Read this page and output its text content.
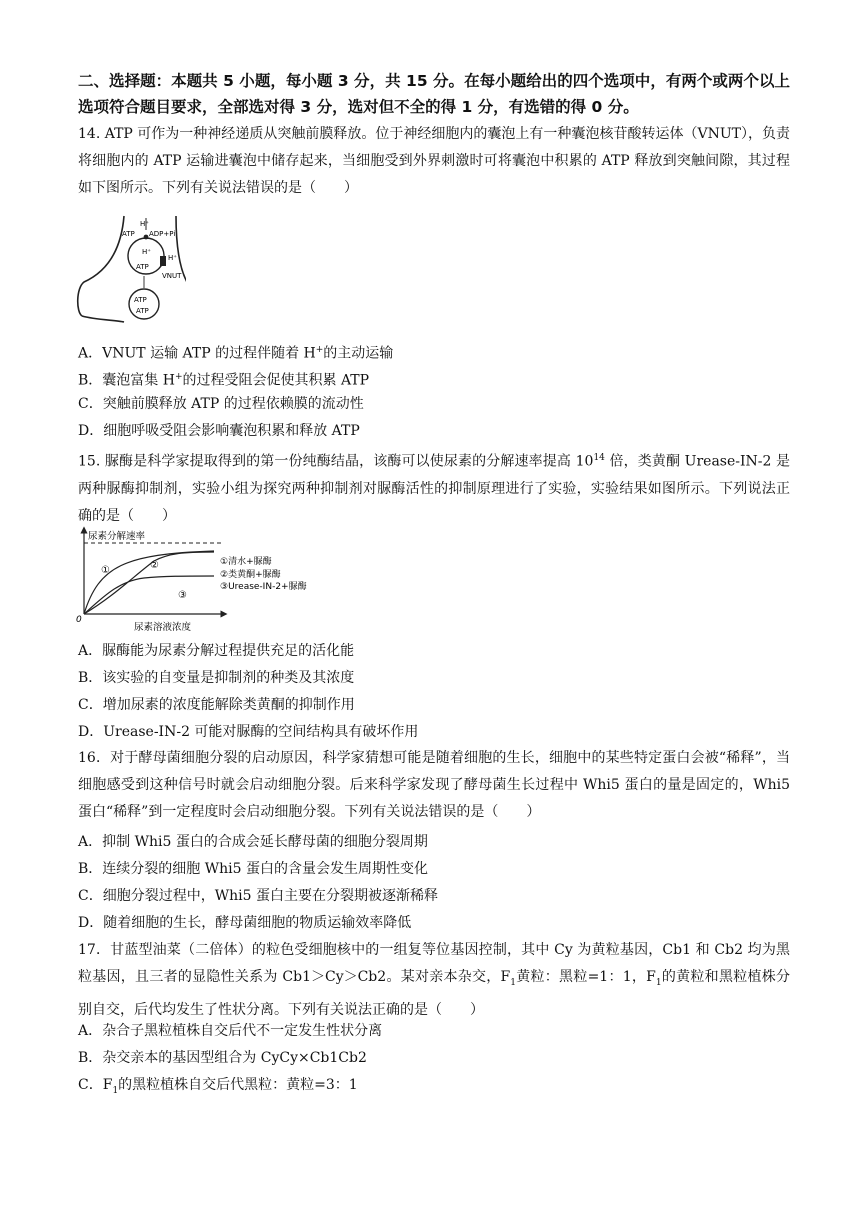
二、选择题：本题共 5 小题，每小题 3 分，共 15 分。在每小题给出的四个选项中，有两个或两个以上选项符合题目要求，全部选对得 3 分，选对但不全的得 1 分，有选错的得 0 分。
14. ATP 可作为一种神经递质从突触前膜释放。位于神经细胞内的囊泡上有一种囊泡核苷酸转运体（VNUT），负责将细胞内的 ATP 运输进囊泡中储存起来，当细胞受到外界刺激时可将囊泡中积累的 ATP 释放到突触间隙，其过程如下图所示。下列有关说法错误的是（　　）
H⁺
ATP ADP+Pi
H⁺
ATP
H⁺
VNUT
ATP
ATP
A．VNUT 运输 ATP 的过程伴随着 H+的主动运输
B．囊泡富集 H+的过程受阻会促使其积累 ATP
C．突触前膜释放 ATP 的过程依赖膜的流动性
D．细胞呼吸受阻会影响囊泡积累和释放 ATP
15. 脲酶是科学家提取得到的第一份纯酶结晶，该酶可以使尿素的分解速率提高 $10^{14}$ 倍，类黄酮 Urease-IN-2 是两种脲酶抑制剂，实验小组为探究两种抑制剂对脲酶活性的抑制原理进行了实验，实验结果如图所示。下列说法正确的是（　　）
尿素分解速率
尿素溶液浓度
0
①	②
③
①清水+脲酶
②类黄酮+脲酶
③Urease-IN-2+脲酶
A．脲酶能为尿素分解过程提供充足的活化能
B．该实验的自变量是抑制剂的种类及其浓度
C．增加尿素的浓度能解除类黄酮的抑制作用
D．Urease-IN-2 可能对脲酶的空间结构具有破坏作用
16．对于酵母菌细胞分裂的启动原因，科学家猜想可能是随着细胞的生长，细胞中的某些特定蛋白会被“稀释”，当细胞感受到这种信号时就会启动细胞分裂。后来科学家发现了酵母菌生长过程中 Whi5 蛋白的量是固定的，Whi5 蛋白“稀释”到一定程度时会启动细胞分裂。下列有关说法错误的是（　　）
A．抑制 Whi5 蛋白的合成会延长酵母菌的细胞分裂周期
B．连续分裂的细胞 Whi5 蛋白的含量会发生周期性变化
C．细胞分裂过程中，Whi5 蛋白主要在分裂期被逐渐稀释
D．随着细胞的生长，酵母菌细胞的物质运输效率降低
17．甘蓝型油菜（二倍体）的粒色受细胞核中的一组复等位基因控制，其中 Cy 为黄粒基因，Cb1 和 Cb2 均为黑粒基因，且三者的显隐性关系为 Cb1＞Cy＞Cb2。某对亲本杂交，$F_1$黄粒：黑粒=1：1，$F_1$的黄粒和黑粒植株分别自交，后代均发生了性状分离。下列有关说法正确的是（　　）
A．杂合子黑粒植株自交后代不一定发生性状分离
B．杂交亲本的基因型组合为 CyCy×Cb1Cb2
C．$F_1$的黑粒植株自交后代黑粒：黄粒=3：1
